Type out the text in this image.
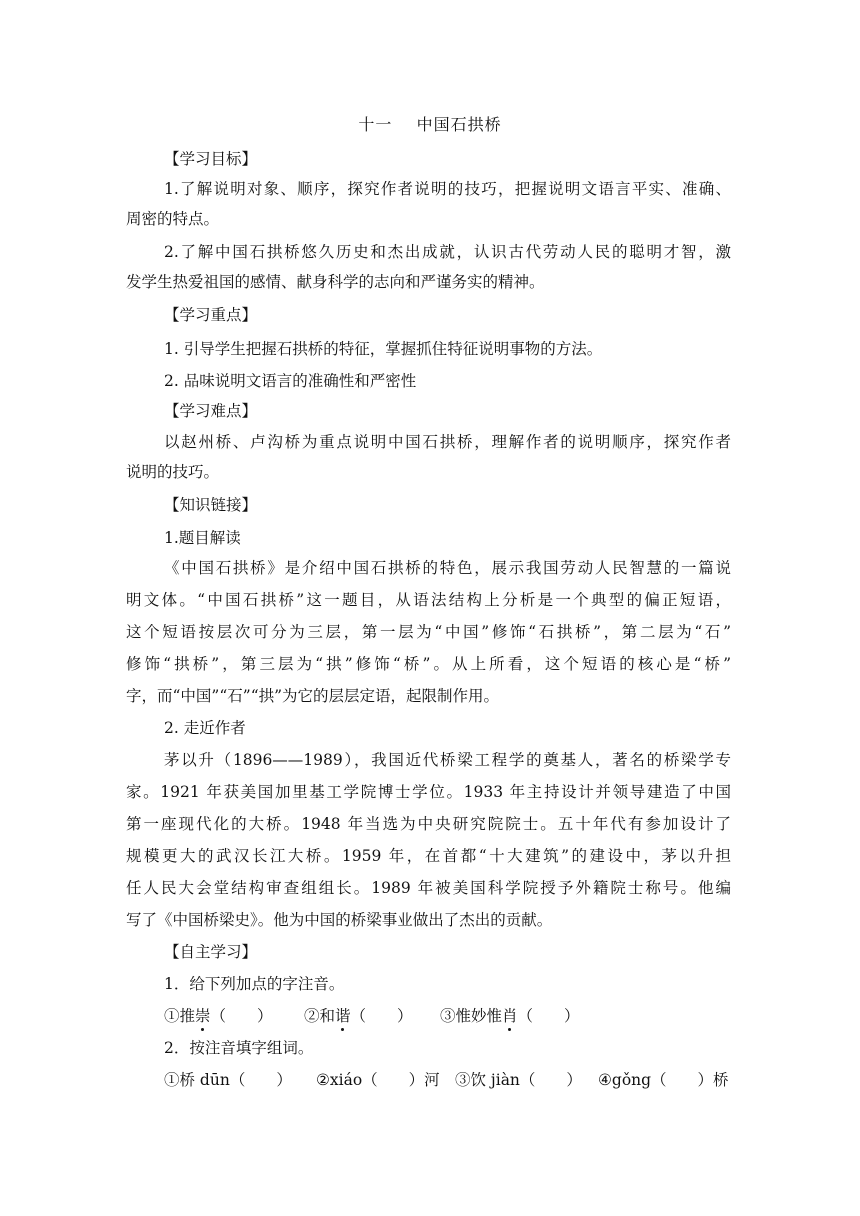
十一    中国石拱桥
【学习目标】
1.了解说明对象、顺序，探究作者说明的技巧，把握说明文语言平实、准确、
周密的特点。
2.了解中国石拱桥悠久历史和杰出成就，认识古代劳动人民的聪明才智，激
发学生热爱祖国的感情、献身科学的志向和严谨务实的精神。
【学习重点】
1. 引导学生把握石拱桥的特征，掌握抓住特征说明事物的方法。
2. 品味说明文语言的准确性和严密性
【学习难点】
以赵州桥、卢沟桥为重点说明中国石拱桥，理解作者的说明顺序，探究作者
说明的技巧。
【知识链接】
1.题目解读
《中国石拱桥》是介绍中国石拱桥的特色，展示我国劳动人民智慧的一篇说
明文体。“中国石拱桥”这一题目，从语法结构上分析是一个典型的偏正短语，
这个短语按层次可分为三层，第一层为“中国”修饰“石拱桥”，第二层为“石”
修饰“拱桥”，第三层为“拱”修饰“桥”。从上所看，这个短语的核心是“桥”
字，而“中国”“石”“拱”为它的层层定语，起限制作用。
2. 走近作者
茅以升（1896——1989），我国近代桥梁工程学的奠基人，著名的桥梁学专
家。1921 年获美国加里基工学院博士学位。1933 年主持设计并领导建造了中国
第一座现代化的大桥。1948 年当选为中央研究院院士。五十年代有参加设计了
规模更大的武汉长江大桥。1959 年，在首都“十大建筑”的建设中，茅以升担
任人民大会堂结构审查组组长。1989 年被美国科学院授予外籍院士称号。他编
写了《中国桥梁史》。他为中国的桥梁事业做出了杰出的贡献。
【自主学习】
1．给下列加点的字注音。
①推崇（　　） ②和谐（　　） ③惟妙惟肖（　　）
2．按注音填字组词。
①桥 dūn（　　） ②xiáo（　　）河 ③饮 jiàn（　　） ④gǒng（　　）桥
